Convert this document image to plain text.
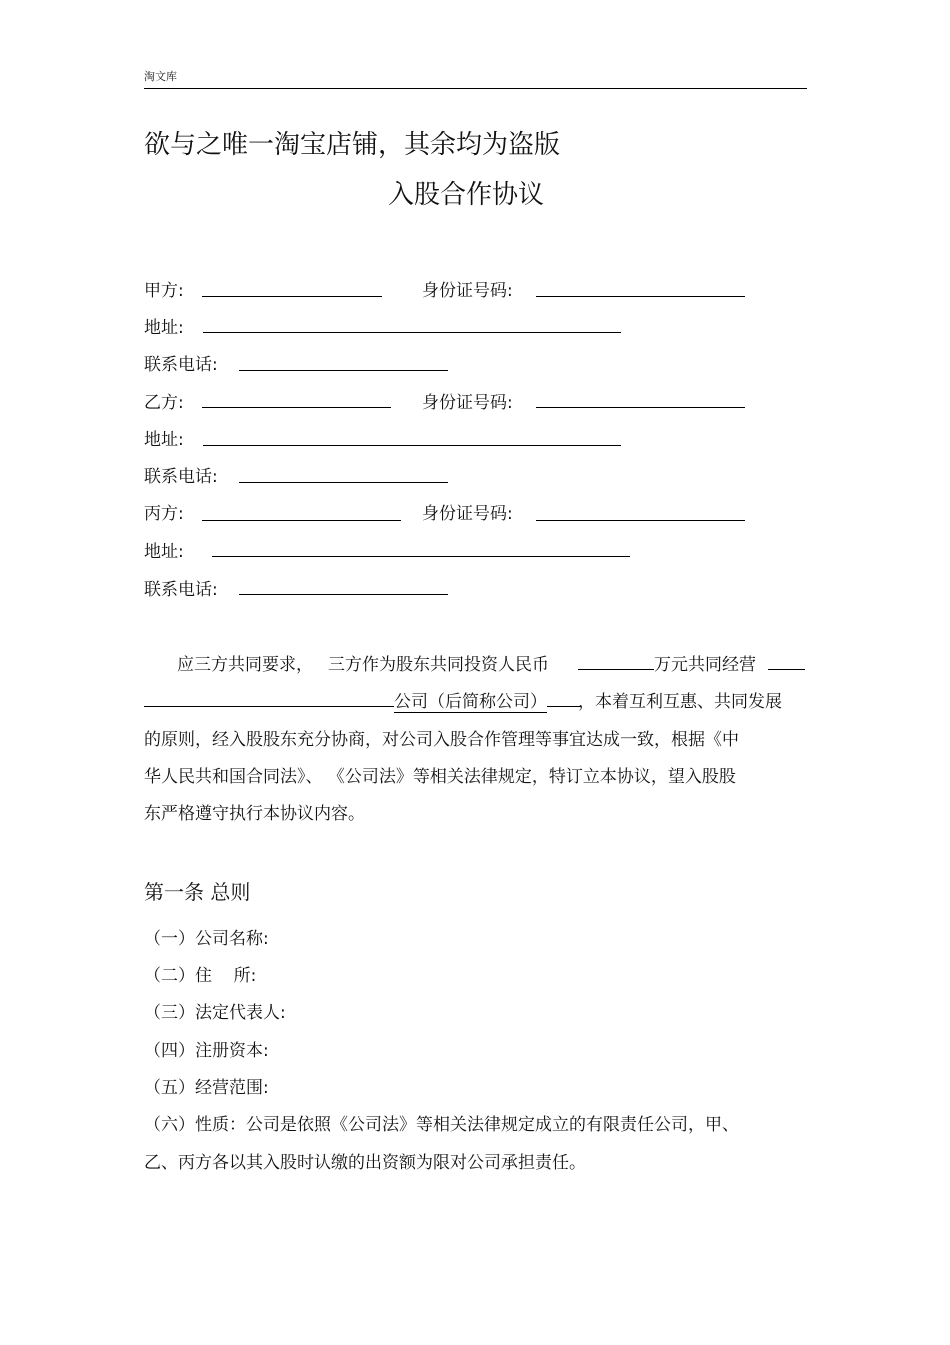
淘文库
欲与之唯一淘宝店铺，其余均为盗版
入股合作协议
甲方:	身份证号码:
地址:
联系电话:
乙方:	身份证号码:
地址:
联系电话:
丙方:	身份证号码:
地址:
联系电话:
应三方共同要求， 三方作为股东共同投资人民币	万元共同经营
公司（后简称公司）	，本着互利互惠、共同发展
的原则，经入股股东充分协商，对公司入股合作管理等事宜达成一致，根据《中
华人民共和国合同法》、 《公司法》等相关法律规定，特订立本协议，望入股股
东严格遵守执行本协议内容。
第一条 总则
（一）公司名称:
（二）住    所:
（三）法定代表人:
（四）注册资本:
（五）经营范围:
（六）性质：公司是依照《公司法》等相关法律规定成立的有限责任公司，甲、
乙、丙方各以其入股时认缴的出资额为限对公司承担责任。
